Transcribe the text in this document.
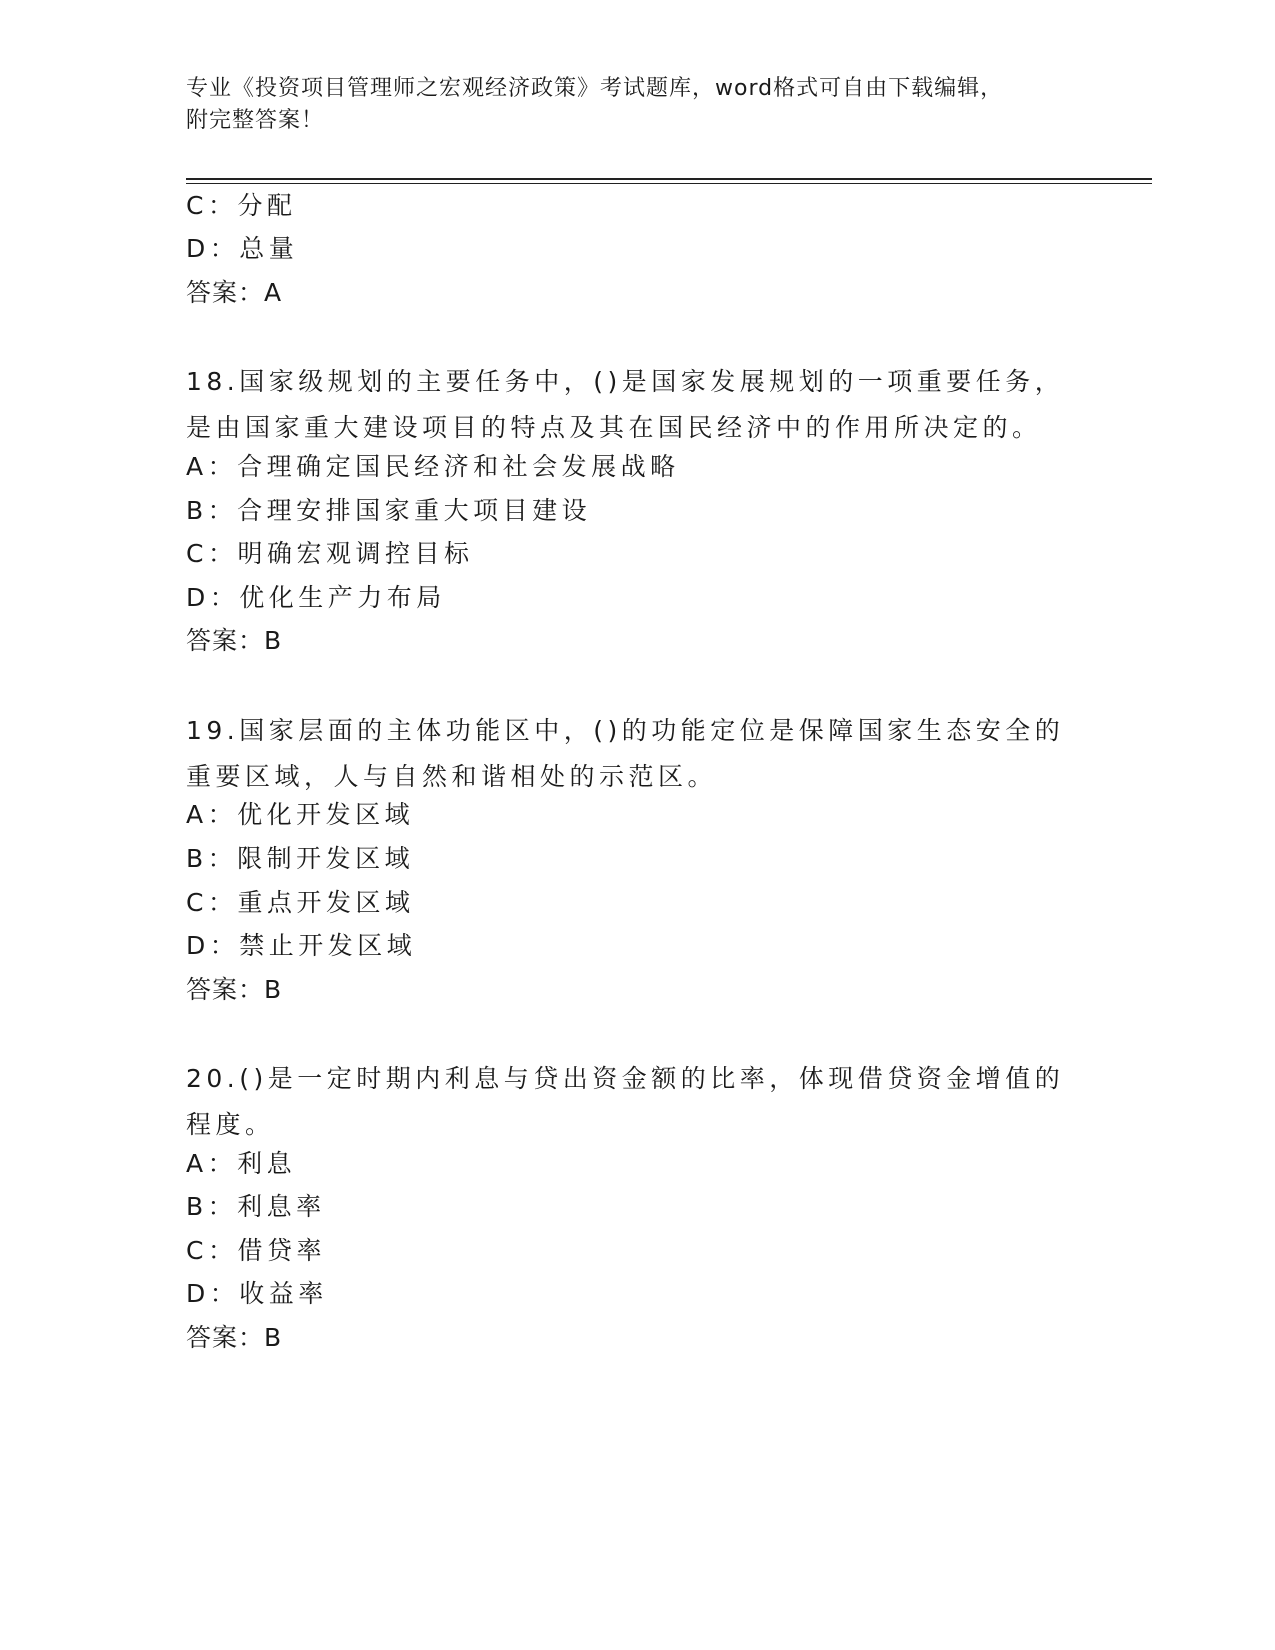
专业《投资项目管理师之宏观经济政策》考试题库，word格式可自由下载编辑，
附完整答案！
C：分配
D：总量
答案：A
18.国家级规划的主要任务中，()是国家发展规划的一项重要任务，是由国家重大建设项目的特点及其在国民经济中的作用所决定的。
A：合理确定国民经济和社会发展战略
B：合理安排国家重大项目建设
C：明确宏观调控目标
D：优化生产力布局
答案：B
19.国家层面的主体功能区中，()的功能定位是保障国家生态安全的重要区域，人与自然和谐相处的示范区。
A：优化开发区域
B：限制开发区域
C：重点开发区域
D：禁止开发区域
答案：B
20.()是一定时期内利息与贷出资金额的比率，体现借贷资金增值的程度。
A：利息
B：利息率
C：借贷率
D：收益率
答案：B
